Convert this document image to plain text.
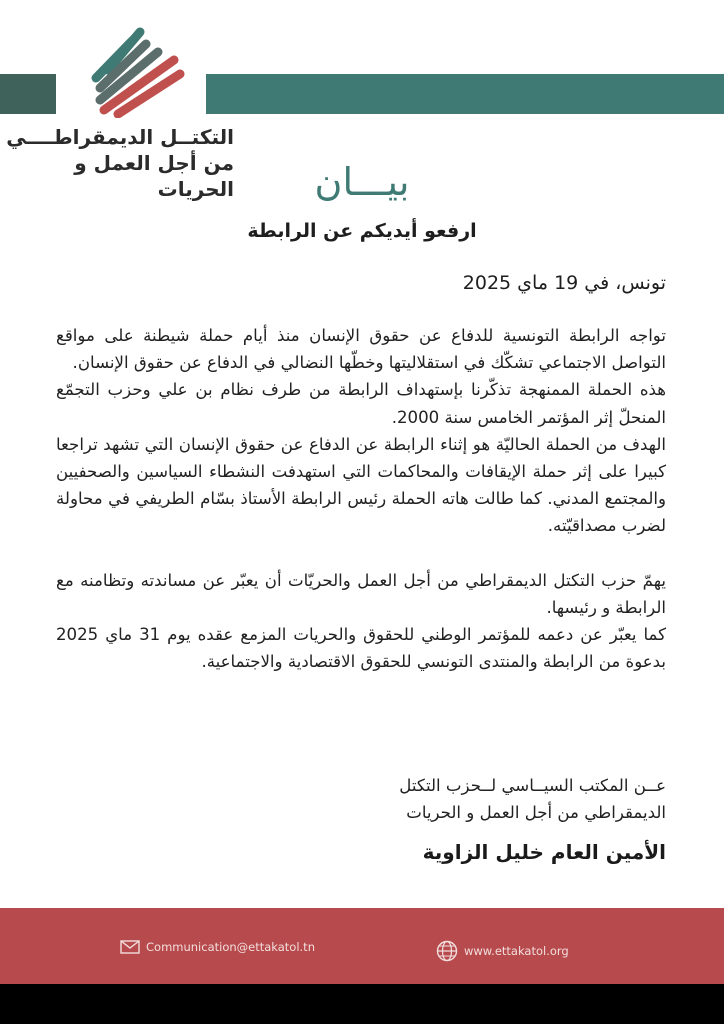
التكتــل الديمقراطــــي
من أجل العمل و الحريات	بيـــان
ارفعو أيديكم عن الرابطة
تونس، في 19 ماي 2025

تواجه الرابطة التونسية للدفاع عن حقوق الإنسان منذ أيام حملة شيطنة على مواقع التواصل الاجتماعي تشكّك في استقلاليتها وخطّها النضالي في الدفاع عن حقوق الإنسان.

هذه الحملة الممنهجة تذكّرنا بإستهداف الرابطة من طرف نظام بن علي وحزب التجمّع المنحلّ إثر المؤتمر الخامس سنة 2000.

الهدف من الحملة الحاليّة هو إثناء الرابطة عن الدفاع عن حقوق الإنسان التي تشهد تراجعا كبيرا على إثر حملة الإيقافات والمحاكمات التي استهدفت النشطاء السياسين والصحفيين والمجتمع المدني. كما طالت هاته الحملة رئيس الرابطة الأستاذ بسّام الطريفي في محاولة لضرب مصداقيّته.

يهمّ حزب التكتل الديمقراطي من أجل العمل والحريّات أن يعبّر عن مساندته وتظامنه مع الرابطة و رئيسها.

كما يعبّر عن دعمه للمؤتمر الوطني للحقوق والحريات المزمع عقده يوم 31 ماي 2025 بدعوة من الرابطة والمنتدى التونسي للحقوق الاقتصادية والاجتماعية.

عــن المكتب السيــاسي لــحزب التكتل
الديمقراطي من أجل العمل و الحريات
الأمين العام خليل الزاوية
Communication@ettakatol.tn	www.ettakatol.org
